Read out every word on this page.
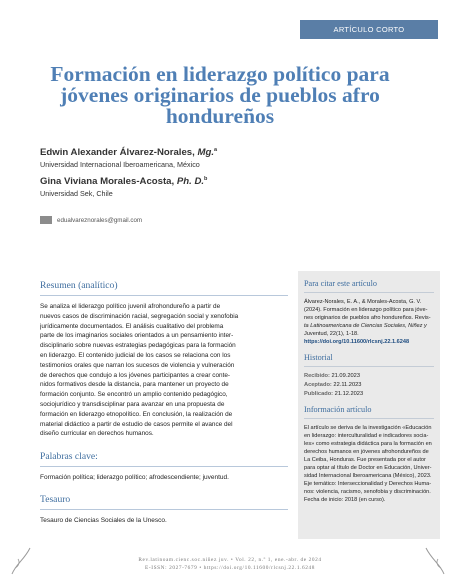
ARTÍCULO CORTO
Formación en liderazgo político para
jóvenes originarios de pueblos afro
hondureños
Edwin Alexander Álvarez-Norales, Mg.$^a$
Universidad Internacional Iberoamericana, México
Gina Viviana Morales-Acosta, Ph. D.$^b$
Universidad Sek, Chile
edualvareznorales@gmail.com
Resumen (analítico)
Se analiza el liderazgo político juvenil afrohondureño a partir de
nuevos casos de discriminación racial, segregación social y xenofobia
jurídicamente documentados. El análisis cualitativo del problema
parte de los imaginarios sociales orientados a un pensamiento inter-
disciplinario sobre nuevas estrategias pedagógicas para la formación
en liderazgo. El contenido judicial de los casos se relaciona con los
testimonios orales que narran los sucesos de violencia y vulneración
de derechos que condujo a los jóvenes participantes a crear conte-
nidos formativos desde la distancia, para mantener un proyecto de
formación conjunto. Se encontró un amplio contenido pedagógico,
sociojurídico y transdisciplinar para avanzar en una propuesta de
formación en liderazgo etnopolítico. En conclusión, la realización de
material didáctico a partir de estudio de casos permite el avance del
diseño curricular en derechos humanos.
Palabras clave:
Formación política; liderazgo político; afrodescendiente; juventud.
Tesauro
Tesauro de Ciencias Sociales de la Unesco.
Para citar este artículo
Álvarez-Norales, E. A., & Morales-Acosta, G. V.
(2024). Formación en liderazgo político para jóve-
nes originarios de pueblos afro hondureños. Revis-
ta Latinoamericana de Ciencias Sociales, Niñez y
Juventud, 22(1), 1-18.
https://doi.org/10.11600/rlcsnj.22.1.6248
Historial
Recibido: 21.09.2023
Aceptado: 22.11.2023
Publicado: 21.12.2023
Información artículo
El artículo se deriva de la investigación «Educación
en liderazgo: interculturalidad e indicadores socia-
les» como estrategia didáctica para la formación en
derechos humanos en jóvenes afrohondureños de
La Ceiba, Honduras. Fue presentada por el autor
para optar al título de Doctor en Educación, Univer-
sidad Internacional Iberoamericana (México), 2023.
Eje temático: Interseccionalidad y Derechos Huma-
nos: violencia, racismo, xenofobia y discriminación.
Fecha de inicio: 2018 (en curso).
Rev.latinoam.cienc.soc.niñez juv. • Vol. 22, n.º 1, ene.-abr. de 2024
E-ISSN: 2027-7679 • https://doi.org/10.11600/rlcsnj.22.1.6248
